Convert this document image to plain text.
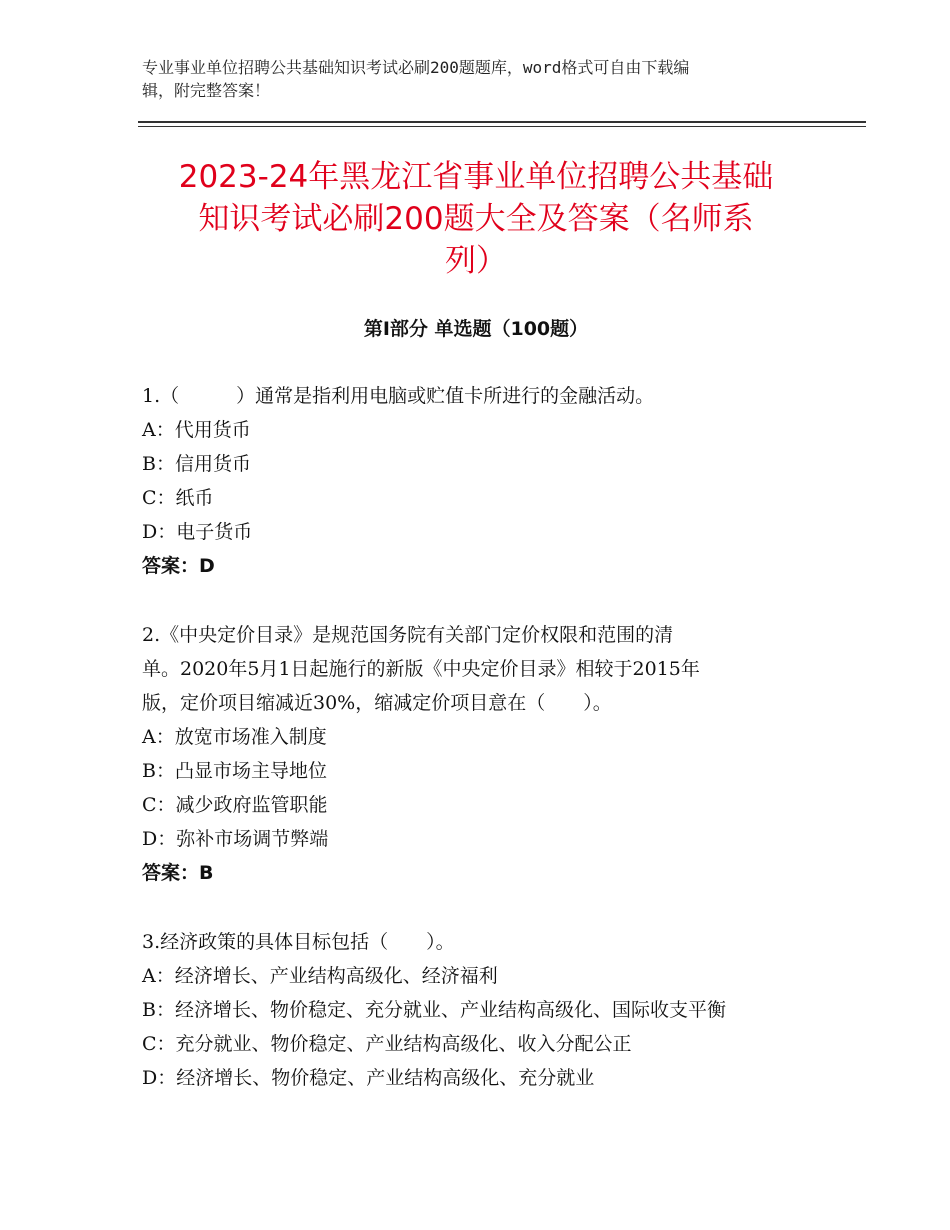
专业事业单位招聘公共基础知识考试必刷200题题库，word格式可自由下载编
辑，附完整答案！
2023-24年黑龙江省事业单位招聘公共基础
知识考试必刷200题大全及答案（名师系
列）
第Ⅰ部分 单选题（100题）
1.（　　　）通常是指利用电脑或贮值卡所进行的金融活动。
A：代用货币
B：信用货币
C：纸币
D：电子货币
答案：D
2.《中央定价目录》是规范国务院有关部门定价权限和范围的清
单。2020年5月1日起施行的新版《中央定价目录》相较于2015年
版，定价项目缩减近30%，缩减定价项目意在（　　）。
A：放宽市场准入制度
B：凸显市场主导地位
C：减少政府监管职能
D：弥补市场调节弊端
答案：B
3.经济政策的具体目标包括（　　）。
A：经济增长、产业结构高级化、经济福利
B：经济增长、物价稳定、充分就业、产业结构高级化、国际收支平衡
C：充分就业、物价稳定、产业结构高级化、收入分配公正
D：经济增长、物价稳定、产业结构高级化、充分就业
